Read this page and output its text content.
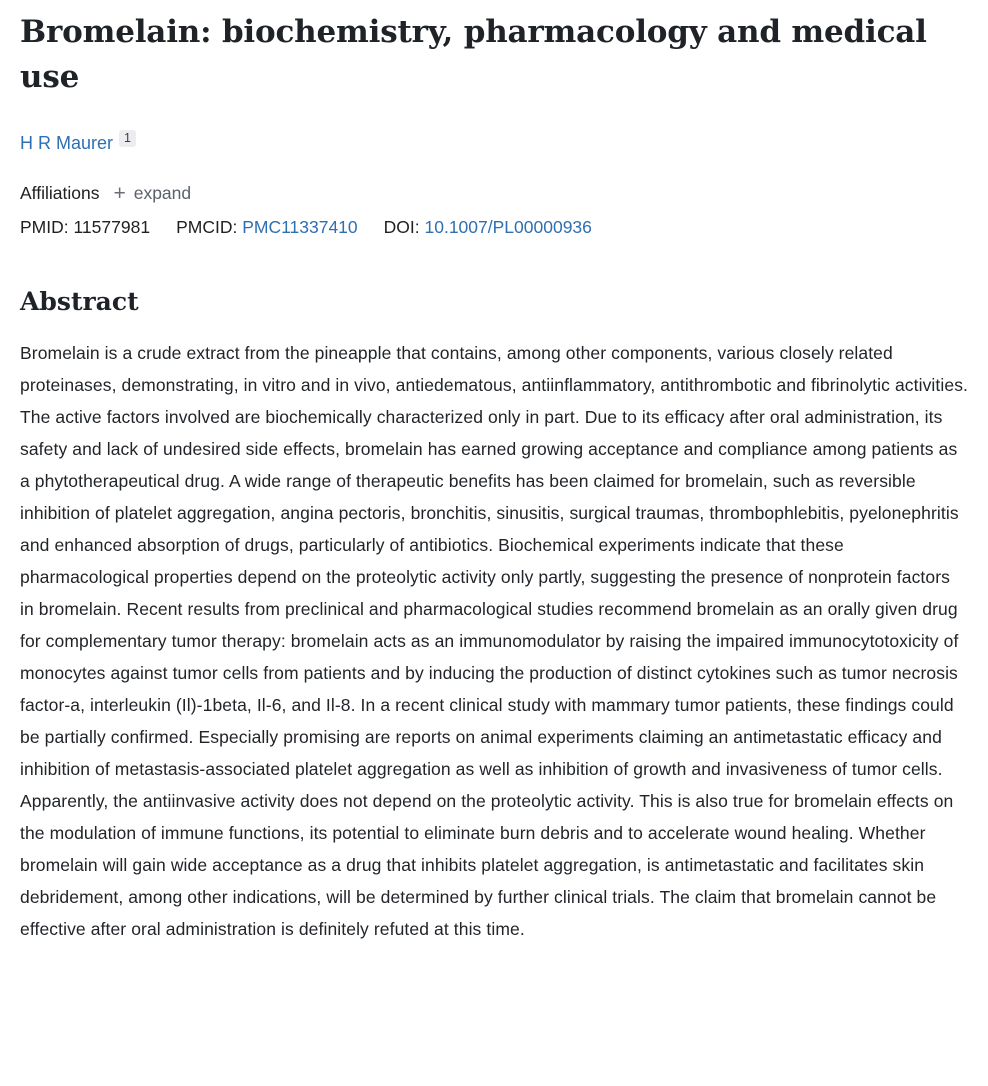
Bromelain: biochemistry, pharmacology and medical use
H R Maurer 1
Affiliations + expand
PMID: 11577981 PMCID: PMC11337410 DOI: 10.1007/PL00000936
Abstract

Bromelain is a crude extract from the pineapple that contains, among other components, various closely related proteinases, demonstrating, in vitro and in vivo, antiedematous, antiinflammatory, antithrombotic and fibrinolytic activities. The active factors involved are biochemically characterized only in part. Due to its efficacy after oral administration, its safety and lack of undesired side effects, bromelain has earned growing acceptance and compliance among patients as a phytotherapeutical drug. A wide range of therapeutic benefits has been claimed for bromelain, such as reversible inhibition of platelet aggregation, angina pectoris, bronchitis, sinusitis, surgical traumas, thrombophlebitis, pyelonephritis and enhanced absorption of drugs, particularly of antibiotics. Biochemical experiments indicate that these pharmacological properties depend on the proteolytic activity only partly, suggesting the presence of nonprotein factors in bromelain. Recent results from preclinical and pharmacological studies recommend bromelain as an orally given drug for complementary tumor therapy: bromelain acts as an immunomodulator by raising the impaired immunocytotoxicity of monocytes against tumor cells from patients and by inducing the production of distinct cytokines such as tumor necrosis factor-a, interleukin (Il)-1beta, Il-6, and Il-8. In a recent clinical study with mammary tumor patients, these findings could be partially confirmed. Especially promising are reports on animal experiments claiming an antimetastatic efficacy and inhibition of metastasis-associated platelet aggregation as well as inhibition of growth and invasiveness of tumor cells. Apparently, the antiinvasive activity does not depend on the proteolytic activity. This is also true for bromelain effects on the modulation of immune functions, its potential to eliminate burn debris and to accelerate wound healing. Whether bromelain will gain wide acceptance as a drug that inhibits platelet aggregation, is antimetastatic and facilitates skin debridement, among other indications, will be determined by further clinical trials. The claim that bromelain cannot be effective after oral administration is definitely refuted at this time.
